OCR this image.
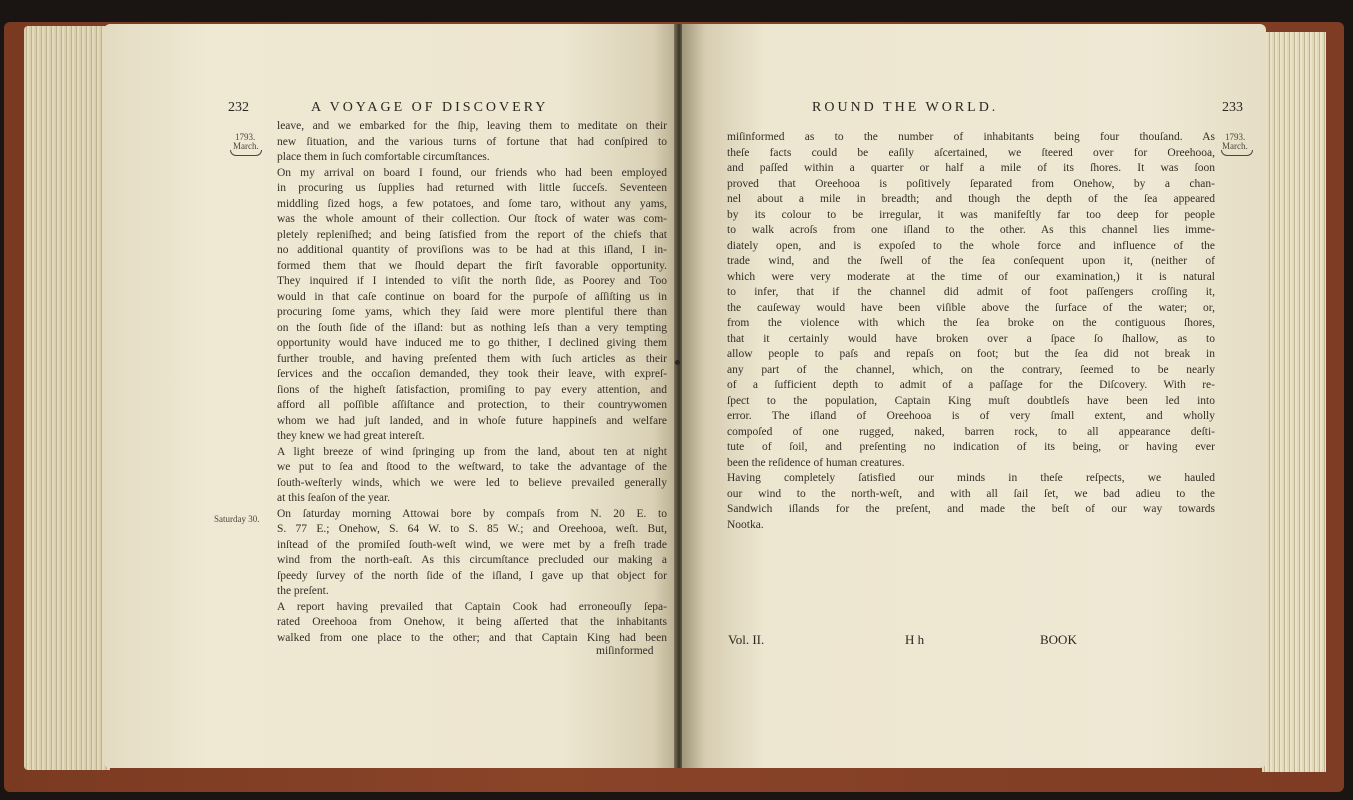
232	A VOYAGE OF DISCOVERY
1793.
March.
Saturday 30.
leave, and we embarked for the ſhip, leaving them to meditate on their
new ſituation, and the various turns of fortune that had conſpired to
place them in ſuch comfortable circumſtances.
On my arrival on board I found, our friends who had been employed
in procuring us ſupplies had returned with little ſucceſs. Seventeen
middling ſized hogs, a few potatoes, and ſome taro, without any yams,
was the whole amount of their collection. Our ſtock of water was com-
pletely repleniſhed; and being ſatisfied from the report of the chiefs that
no additional quantity of proviſions was to be had at this iſland, I in-
formed them that we ſhould depart the firſt favorable opportunity.
They inquired if I intended to viſit the north ſide, as Poorey and Too
would in that caſe continue on board for the purpoſe of aſſiſting us in
procuring ſome yams, which they ſaid were more plentiful there than
on the ſouth ſide of the iſland: but as nothing leſs than a very tempting
opportunity would have induced me to go thither, I declined giving them
further trouble, and having preſented them with ſuch articles as their
ſervices and the occaſion demanded, they took their leave, with expreſ-
ſions of the higheſt ſatisfaction, promiſing to pay every attention, and
afford all poſſible aſſiſtance and protection, to their countrywomen
whom we had juſt landed, and in whoſe future happineſs and welfare
they knew we had great intereſt.
A light breeze of wind ſpringing up from the land, about ten at night
we put to ſea and ſtood to the weſtward, to take the advantage of the
ſouth-weſterly winds, which we were led to believe prevailed generally
at this ſeaſon of the year.
On ſaturday morning Attowai bore by compaſs from N. 20 E. to
S. 77 E.; Onehow, S. 64 W. to S. 85 W.; and Oreehooa, weſt. But,
inſtead of the promiſed ſouth-weſt wind, we were met by a freſh trade
wind from the north-eaſt. As this circumſtance precluded our making a
ſpeedy ſurvey of the north ſide of the iſland, I gave up that object for
the preſent.
A report having prevailed that Captain Cook had erroneouſly ſepa-
rated Oreehooa from Onehow, it being aſſerted that the inhabitants
walked from one place to the other; and that Captain King had been
miſinformed
ROUND THE WORLD.	233
1793.
March.
miſinformed as to the number of inhabitants being four thouſand. As
theſe facts could be eaſily aſcertained, we ſteered over for Oreehooa,
and paſſed within a quarter or half a mile of its ſhores. It was ſoon
proved that Oreehooa is poſitively ſeparated from Onehow, by a chan-
nel about a mile in breadth; and though the depth of the ſea appeared
by its colour to be irregular, it was manifeſtly far too deep for people
to walk acroſs from one iſland to the other. As this channel lies imme-
diately open, and is expoſed to the whole force and influence of the
trade wind, and the ſwell of the ſea conſequent upon it, (neither of
which were very moderate at the time of our examination,) it is natural
to infer, that if the channel did admit of foot paſſengers croſſing it,
the cauſeway would have been viſible above the ſurface of the water; or,
from the violence with which the ſea broke on the contiguous ſhores,
that it certainly would have broken over a ſpace ſo ſhallow, as to
allow people to paſs and repaſs on foot; but the ſea did not break in
any part of the channel, which, on the contrary, ſeemed to be nearly
of a ſufficient depth to admit of a paſſage for the Diſcovery. With re-
ſpect to the population, Captain King muſt doubtleſs have been led into
error. The iſland of Oreehooa is of very ſmall extent, and wholly
compoſed of one rugged, naked, barren rock, to all appearance deſti-
tute of ſoil, and preſenting no indication of its being, or having ever
been the reſidence of human creatures.
Having completely ſatisfied our minds in theſe reſpects, we hauled
our wind to the north-weſt, and with all ſail ſet, we bad adieu to the
Sandwich iſlands for the preſent, and made the beſt of our way towards
Nootka.
Vol. II.	H h	BOOK
